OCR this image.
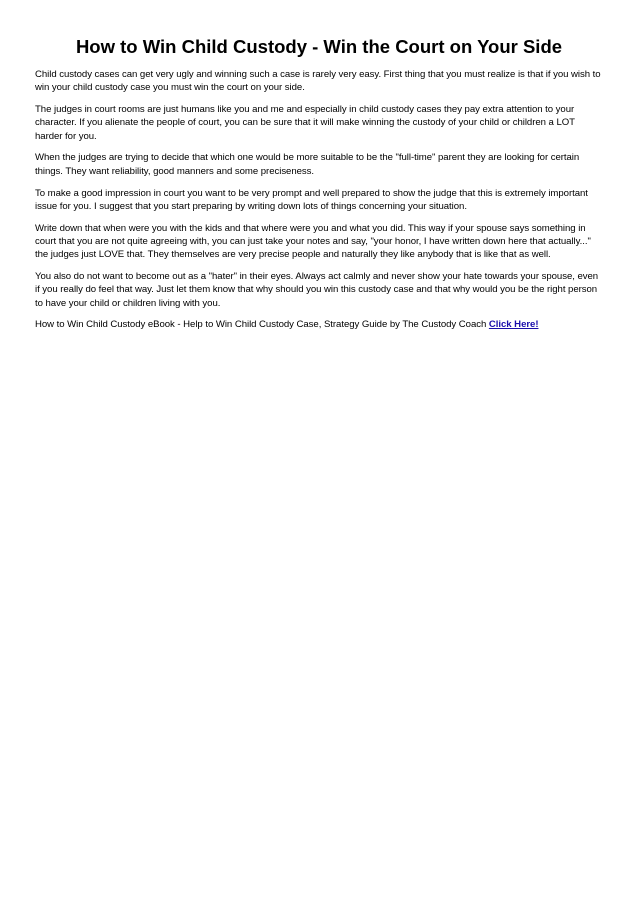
How to Win Child Custody - Win the Court on Your Side

Child custody cases can get very ugly and winning such a case is rarely very easy. First thing that you must realize is that if you wish to win your child custody case you must win the court on your side.

The judges in court rooms are just humans like you and me and especially in child custody cases they pay extra attention to your character. If you alienate the people of court, you can be sure that it will make winning the custody of your child or children a LOT harder for you.

When the judges are trying to decide that which one would be more suitable to be the "full-time" parent they are looking for certain things. They want reliability, good manners and some preciseness.

To make a good impression in court you want to be very prompt and well prepared to show the judge that this is extremely important issue for you. I suggest that you start preparing by writing down lots of things concerning your situation.

Write down that when were you with the kids and that where were you and what you did. This way if your spouse says something in court that you are not quite agreeing with, you can just take your notes and say, "your honor, I have written down here that actually..." the judges just LOVE that. They themselves are very precise people and naturally they like anybody that is like that as well.

You also do not want to become out as a "hater" in their eyes. Always act calmly and never show your hate towards your spouse, even if you really do feel that way. Just let them know that why should you win this custody case and that why would you be the right person to have your child or children living with you.

How to Win Child Custody eBook - Help to Win Child Custody Case, Strategy Guide by The Custody Coach Click Here!
